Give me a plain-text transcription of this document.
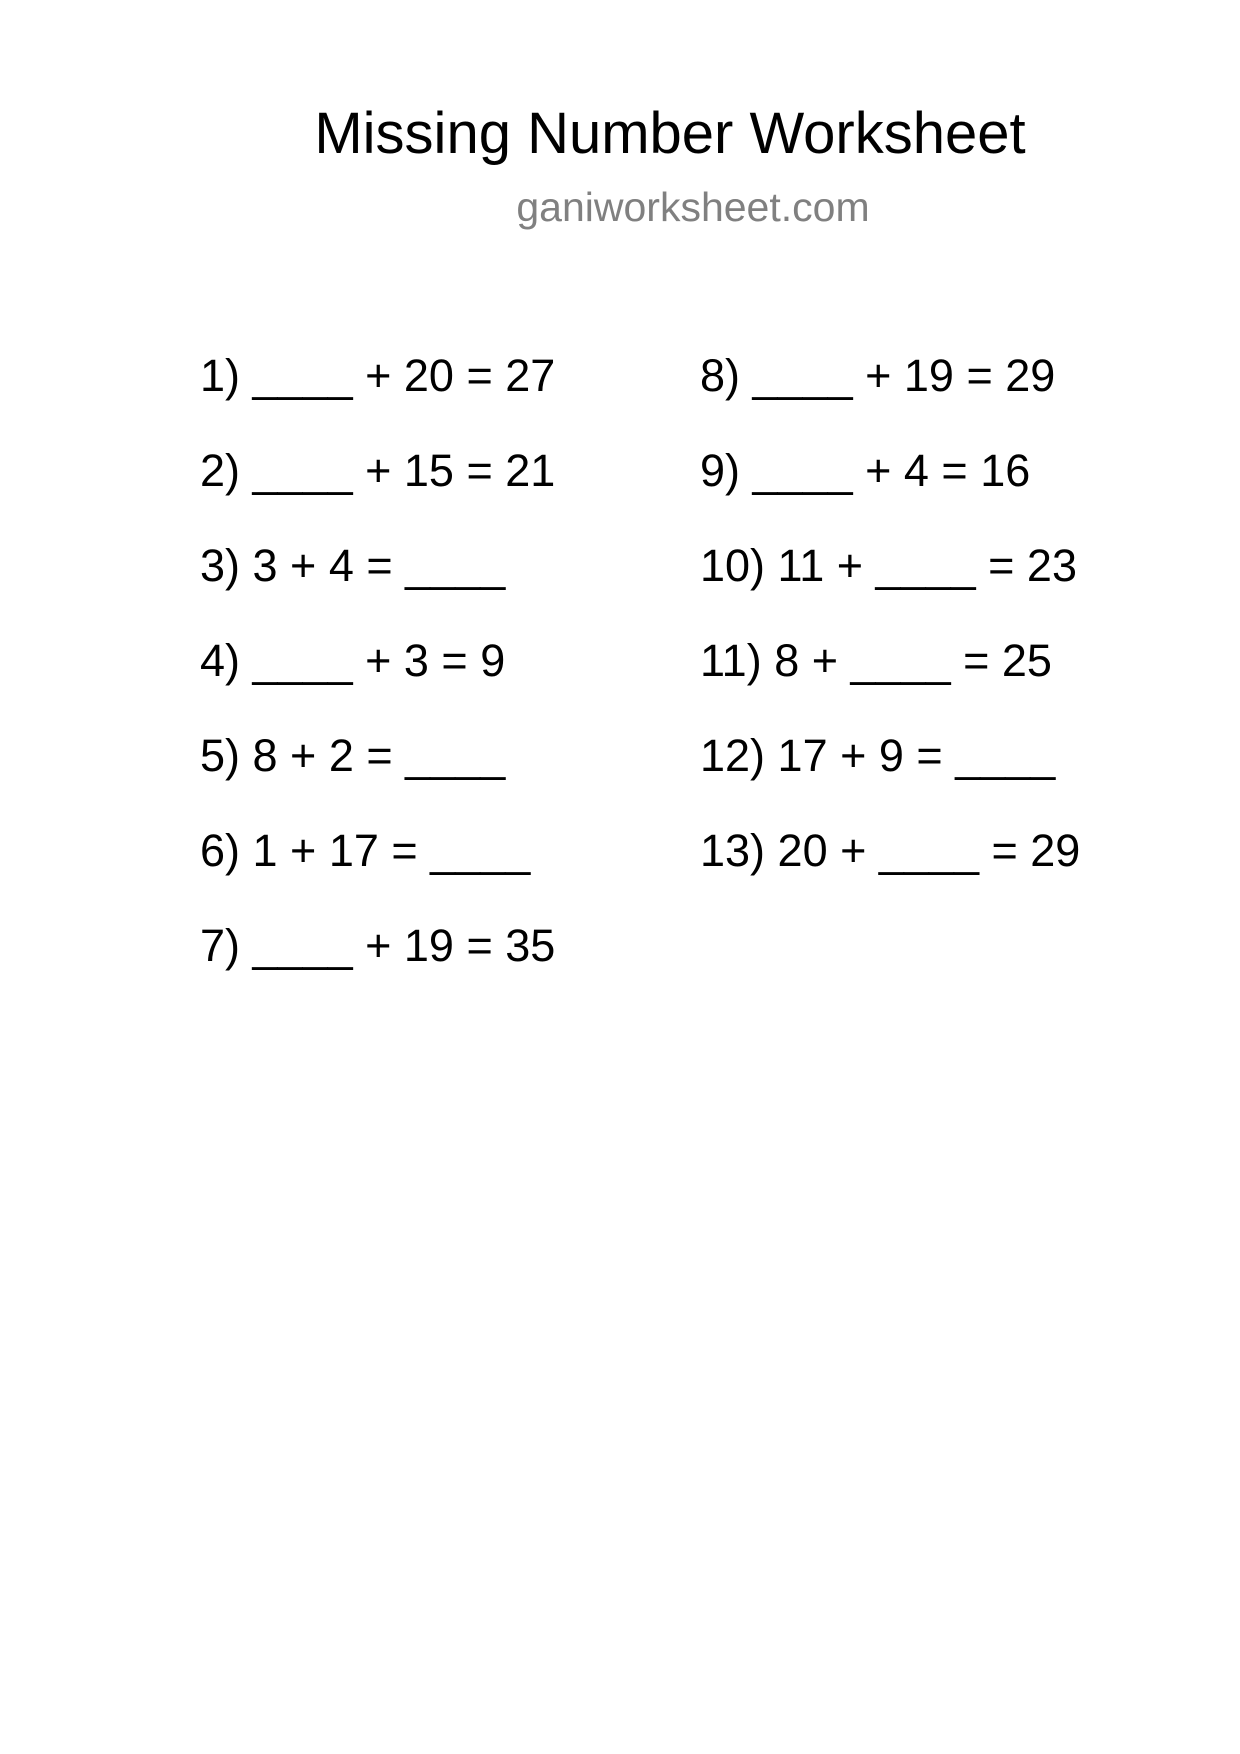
Missing Number Worksheet
ganiworksheet.com
1) ____ + 20 = 27
2) ____ + 15 = 21
3) 3 + 4 = ____
4) ____ + 3 = 9
5) 8 + 2 = ____
6) 1 + 17 = ____
7) ____ + 19 = 35
8) ____ + 19 = 29
9) ____ + 4 = 16
10) 11 + ____ = 23
11) 8 + ____ = 25
12) 17 + 9 = ____
13) 20 + ____ = 29
